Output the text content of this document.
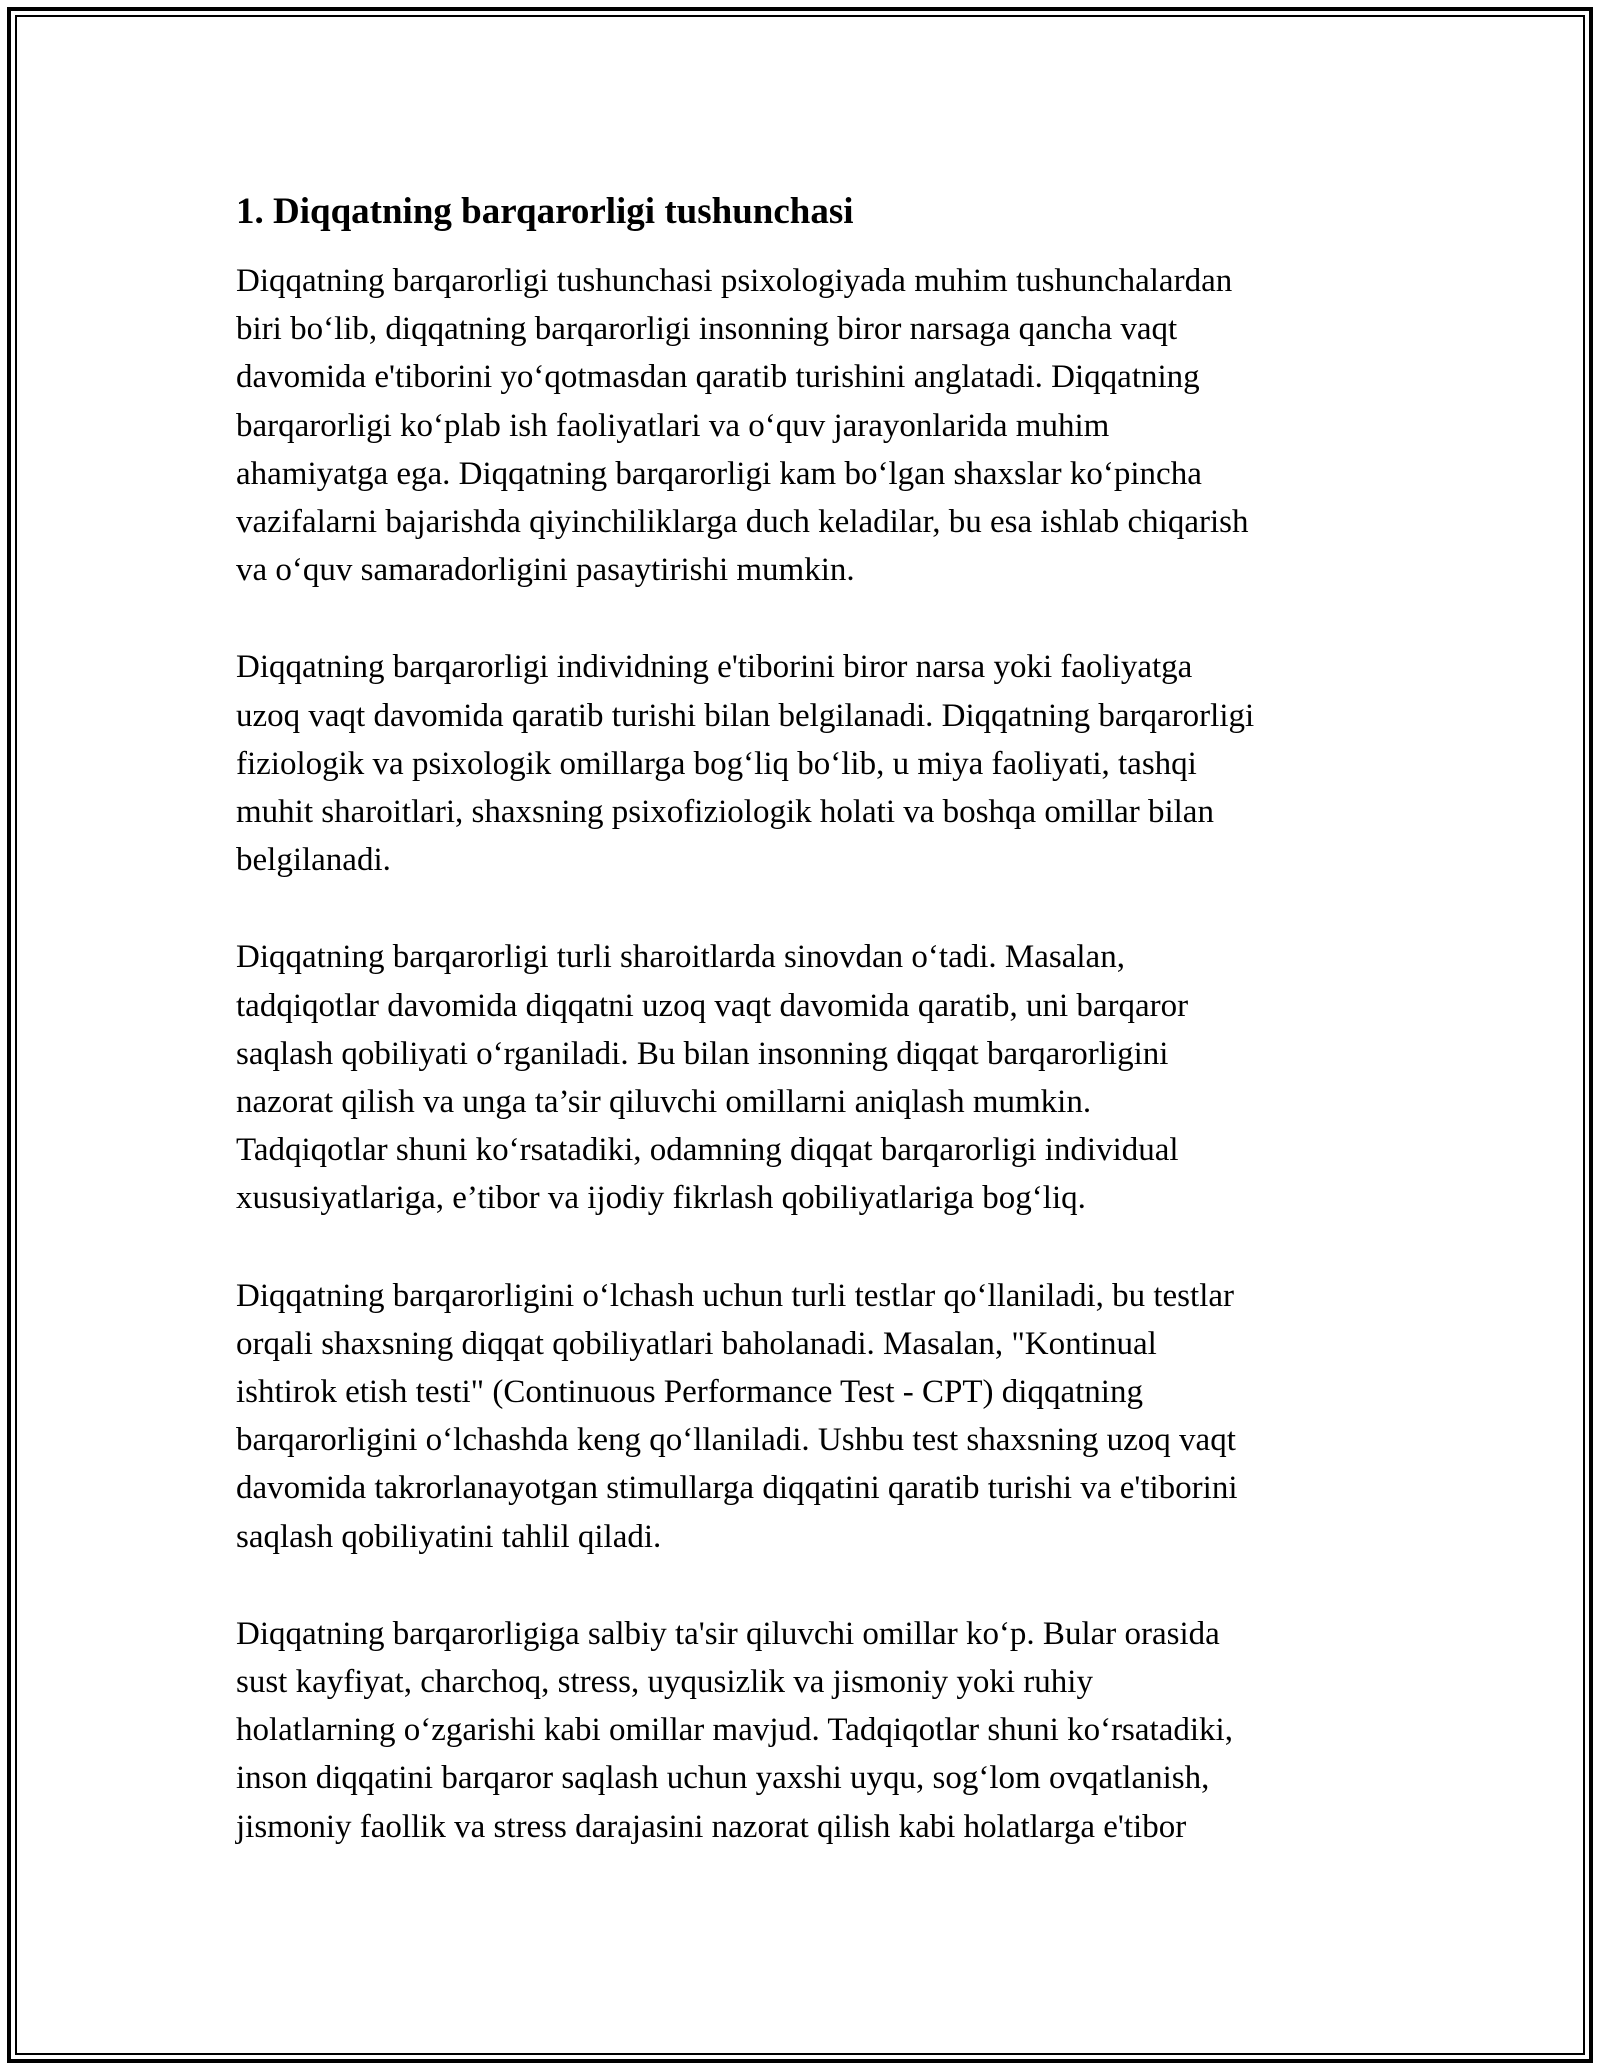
1. Diqqatning barqarorligi tushunchasi

Diqqatning barqarorligi tushunchasi psixologiyada muhim tushunchalardan
biri bo‘lib, diqqatning barqarorligi insonning biror narsaga qancha vaqt
davomida e'tiborini yo‘qotmasdan qaratib turishini anglatadi. Diqqatning
barqarorligi ko‘plab ish faoliyatlari va o‘quv jarayonlarida muhim
ahamiyatga ega. Diqqatning barqarorligi kam bo‘lgan shaxslar ko‘pincha
vazifalarni bajarishda qiyinchiliklarga duch keladilar, bu esa ishlab chiqarish
va o‘quv samaradorligini pasaytirishi mumkin.

Diqqatning barqarorligi individning e'tiborini biror narsa yoki faoliyatga
uzoq vaqt davomida qaratib turishi bilan belgilanadi. Diqqatning barqarorligi
fiziologik va psixologik omillarga bog‘liq bo‘lib, u miya faoliyati, tashqi
muhit sharoitlari, shaxsning psixofiziologik holati va boshqa omillar bilan
belgilanadi.

Diqqatning barqarorligi turli sharoitlarda sinovdan o‘tadi. Masalan,
tadqiqotlar davomida diqqatni uzoq vaqt davomida qaratib, uni barqaror
saqlash qobiliyati o‘rganiladi. Bu bilan insonning diqqat barqarorligini
nazorat qilish va unga ta’sir qiluvchi omillarni aniqlash mumkin.
Tadqiqotlar shuni ko‘rsatadiki, odamning diqqat barqarorligi individual
xususiyatlariga, e’tibor va ijodiy fikrlash qobiliyatlariga bog‘liq.

Diqqatning barqarorligini o‘lchash uchun turli testlar qo‘llaniladi, bu testlar
orqali shaxsning diqqat qobiliyatlari baholanadi. Masalan, "Kontinual
ishtirok etish testi" (Continuous Performance Test - CPT) diqqatning
barqarorligini o‘lchashda keng qo‘llaniladi. Ushbu test shaxsning uzoq vaqt
davomida takrorlanayotgan stimullarga diqqatini qaratib turishi va e'tiborini
saqlash qobiliyatini tahlil qiladi.

Diqqatning barqarorligiga salbiy ta'sir qiluvchi omillar ko‘p. Bular orasida
sust kayfiyat, charchoq, stress, uyqusizlik va jismoniy yoki ruhiy
holatlarning o‘zgarishi kabi omillar mavjud. Tadqiqotlar shuni ko‘rsatadiki,
inson diqqatini barqaror saqlash uchun yaxshi uyqu, sog‘lom ovqatlanish,
jismoniy faollik va stress darajasini nazorat qilish kabi holatlarga e'tibor
